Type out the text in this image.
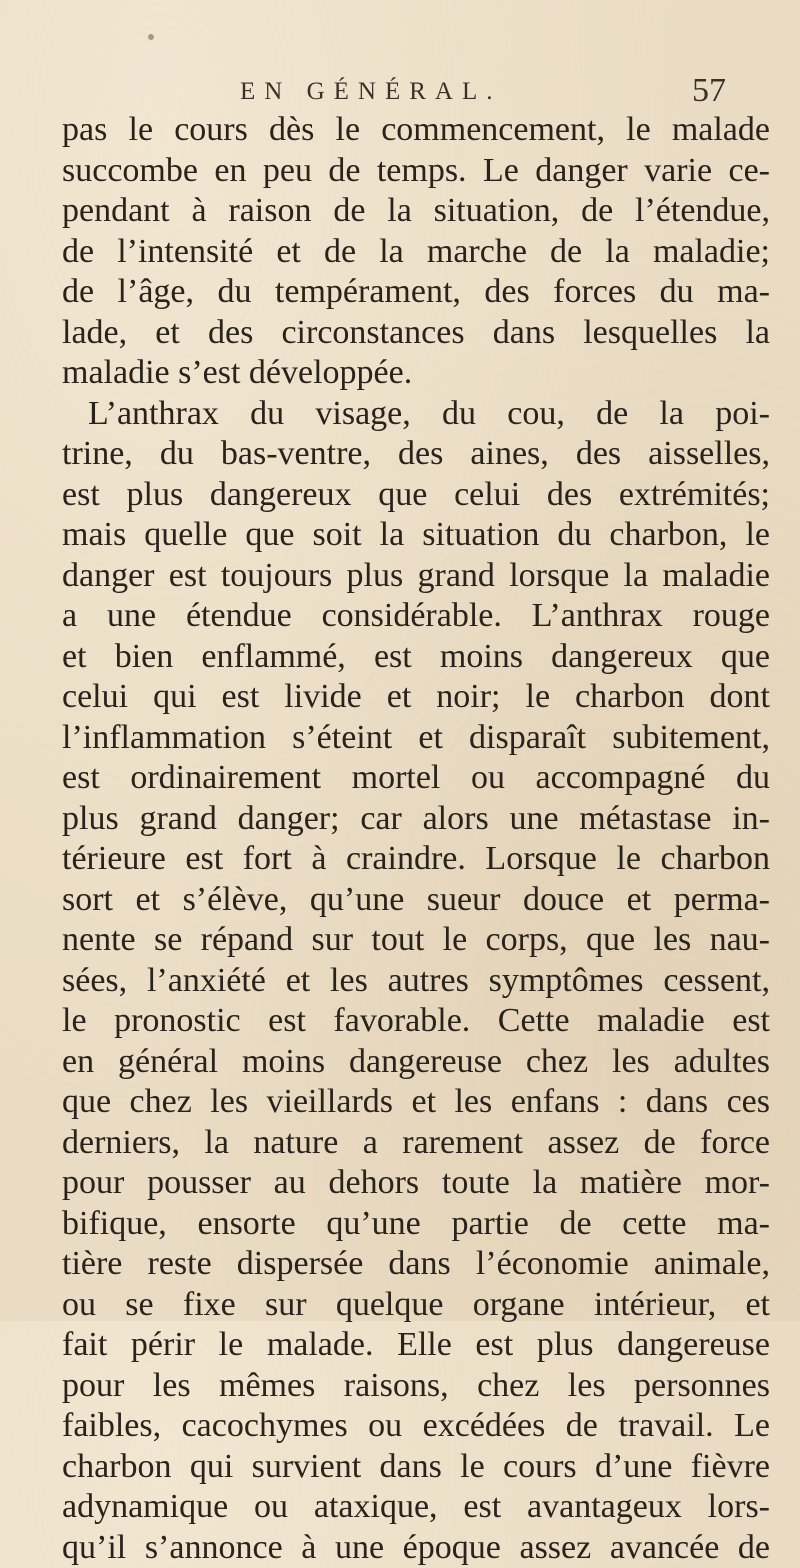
EN GÉNÉRAL.	57
pas le cours dès le commencement, le malade
succombe en peu de temps. Le danger varie ce-
pendant à raison de la situation, de l’étendue,
de l’intensité et de la marche de la maladie;
de l’âge, du tempérament, des forces du ma-
lade, et des circonstances dans lesquelles la
maladie s’est développée.
L’anthrax du visage, du cou, de la poi-
trine, du bas-ventre, des aines, des aisselles,
est plus dangereux que celui des extrémités;
mais quelle que soit la situation du charbon, le
danger est toujours plus grand lorsque la maladie
a une étendue considérable. L’anthrax rouge
et bien enflammé, est moins dangereux que
celui qui est livide et noir; le charbon dont
l’inflammation s’éteint et disparaît subitement,
est ordinairement mortel ou accompagné du
plus grand danger; car alors une métastase in-
térieure est fort à craindre. Lorsque le charbon
sort et s’élève, qu’une sueur douce et perma-
nente se répand sur tout le corps, que les nau-
sées, l’anxiété et les autres symptômes cessent,
le pronostic est favorable. Cette maladie est
en général moins dangereuse chez les adultes
que chez les vieillards et les enfans : dans ces
derniers, la nature a rarement assez de force
pour pousser au dehors toute la matière mor-
bifique, ensorte qu’une partie de cette ma-
tière reste dispersée dans l’économie animale,
ou se fixe sur quelque organe intérieur, et
fait périr le malade. Elle est plus dangereuse
pour les mêmes raisons, chez les personnes
faibles, cacochymes ou excédées de travail. Le
charbon qui survient dans le cours d’une fièvre
adynamique ou ataxique, est avantageux lors-
qu’il s’annonce à une époque assez avancée de
